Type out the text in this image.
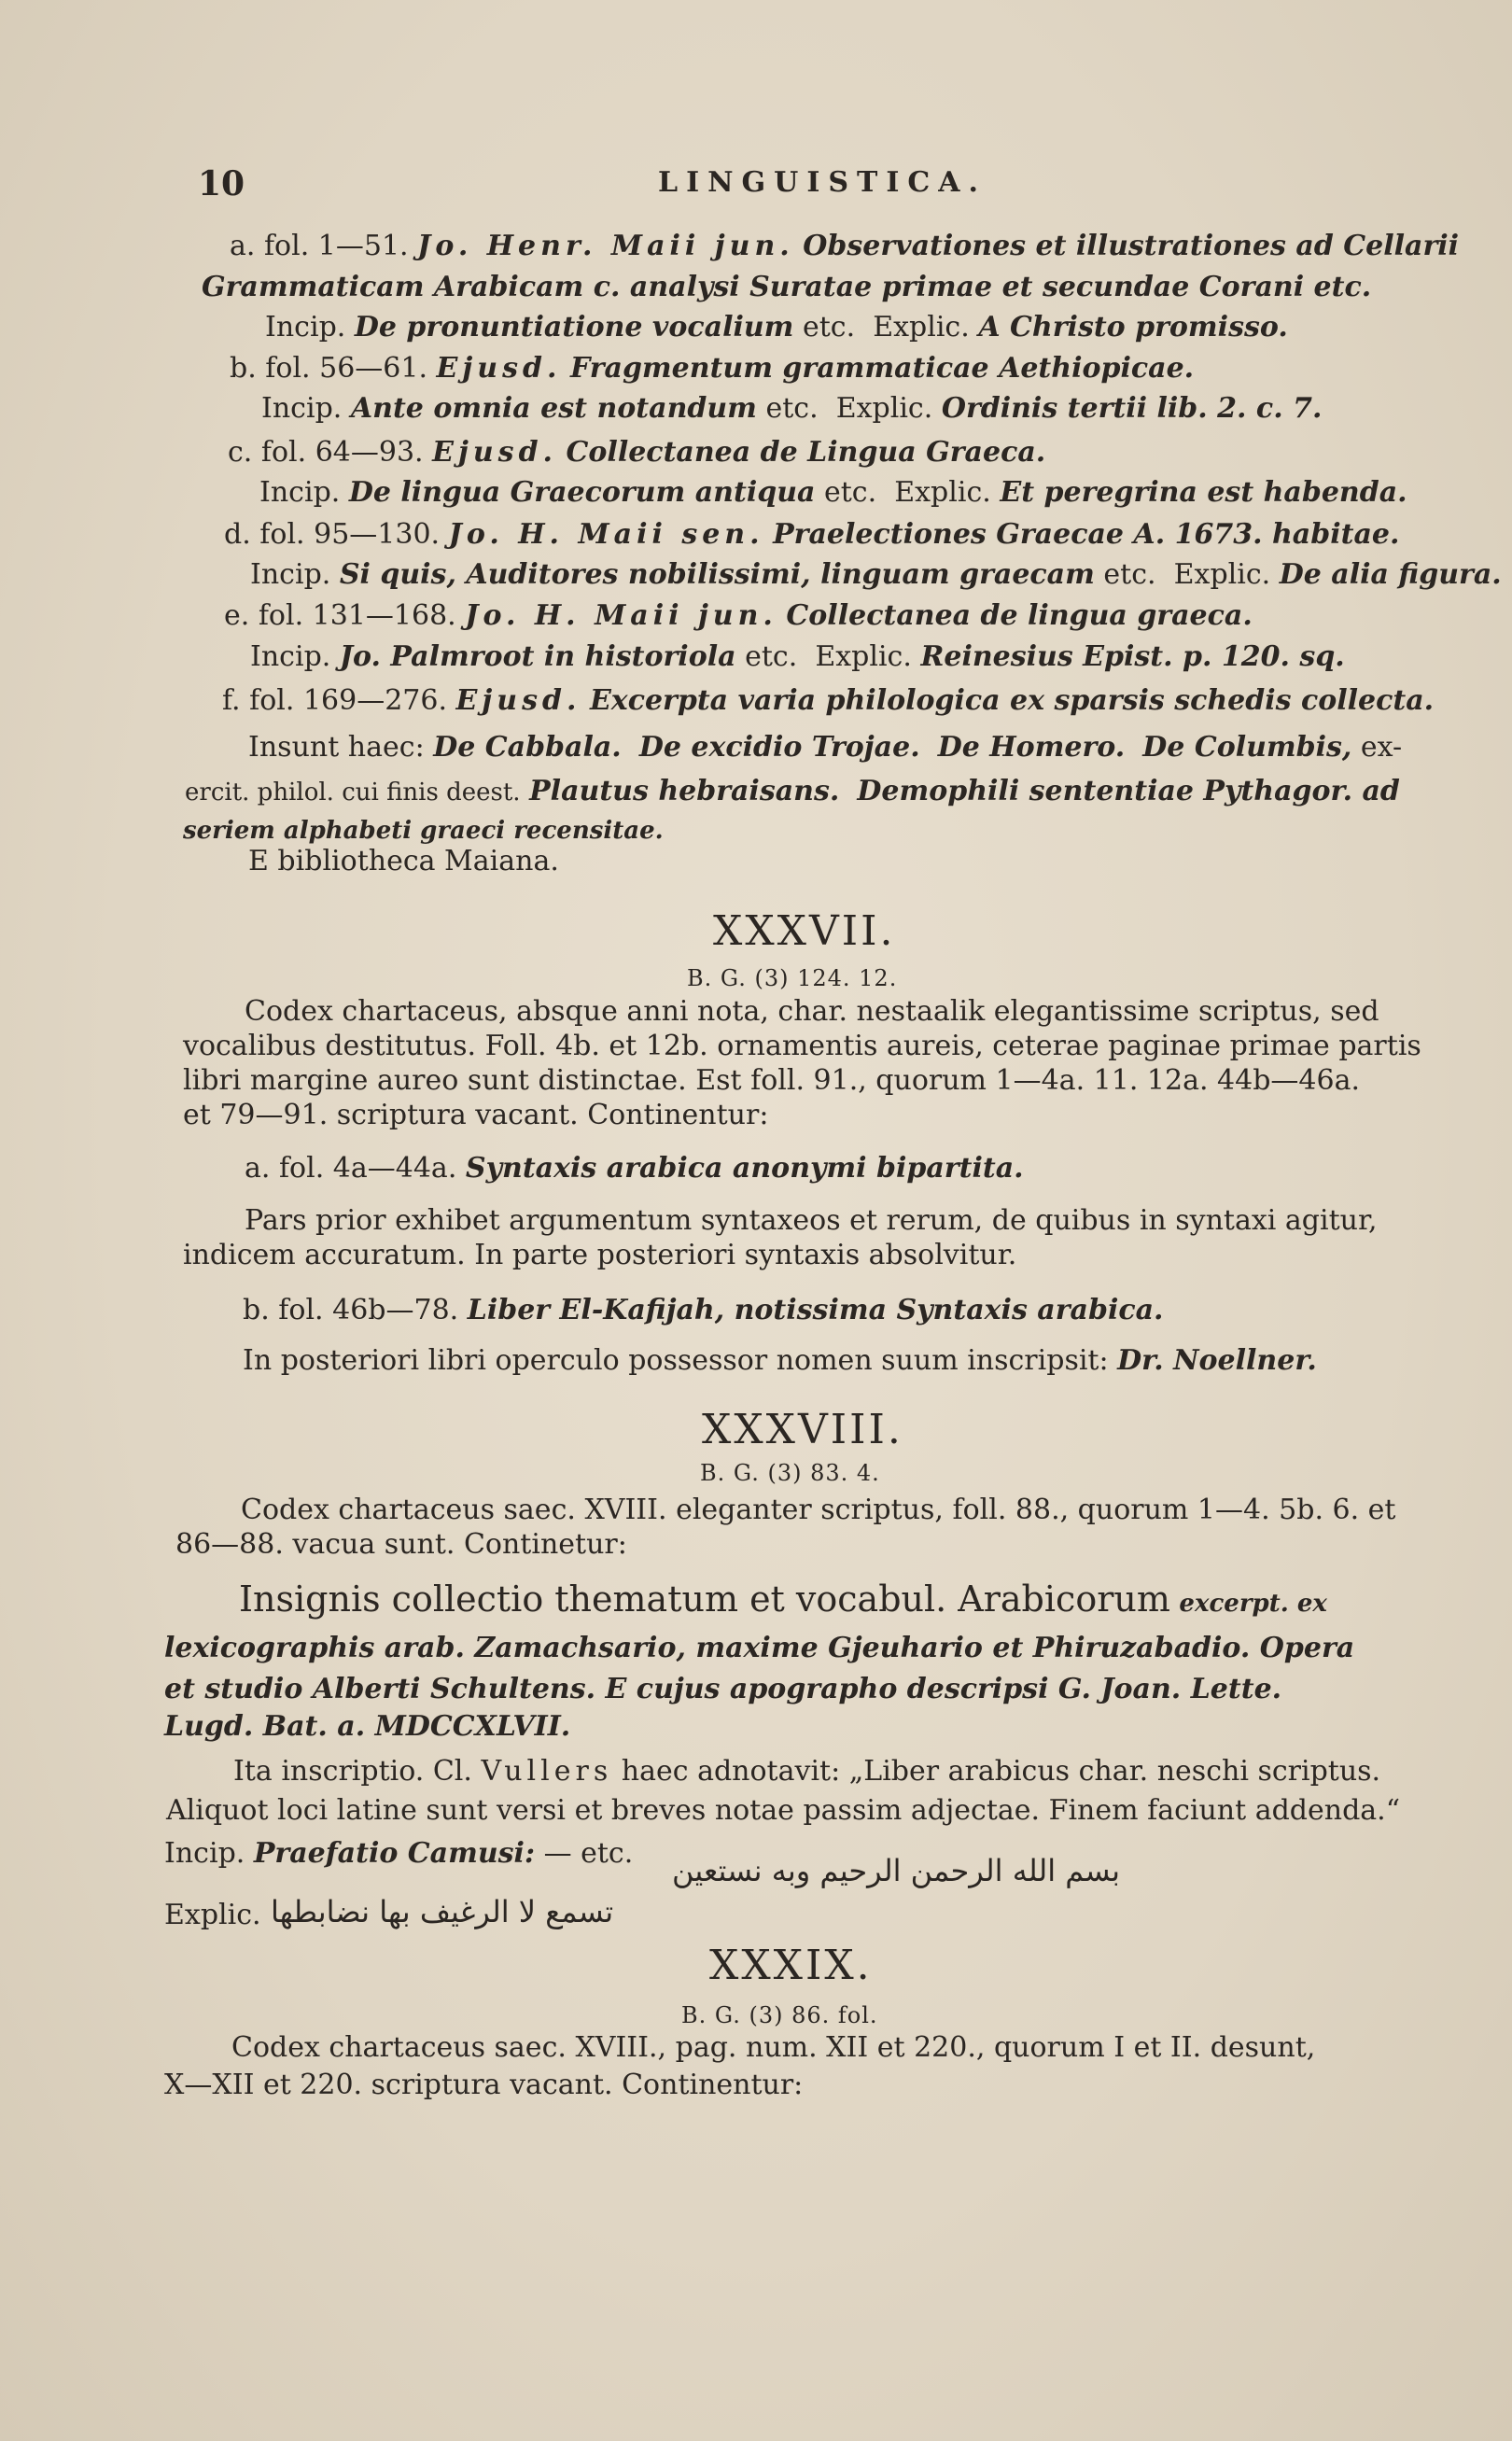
10	LINGUISTICA.
a. fol. 1—51. Jo. Henr. Maii jun. Observationes et illustrationes ad Cellarii
Grammaticam Arabicam c. analysi Suratae primae et secundae Corani etc.
Incip. De pronuntiatione vocalium etc. Explic. A Christo promisso.
b. fol. 56—61. Ejusd. Fragmentum grammaticae Aethiopicae.
Incip. Ante omnia est notandum etc. Explic. Ordinis tertii lib. 2. c. 7.
c. fol. 64—93. Ejusd. Collectanea de Lingua Graeca.
Incip. De lingua Graecorum antiqua etc. Explic. Et peregrina est habenda.
d. fol. 95—130. Jo. H. Maii sen. Praelectiones Graecae A. 1673. habitae.
Incip. Si quis, Auditores nobilissimi, linguam graecam etc. Explic. De alia figura.
e. fol. 131—168. Jo. H. Maii jun. Collectanea de lingua graeca.
Incip. Jo. Palmroot in historiola etc. Explic. Reinesius Epist. p. 120. sq.
f. fol. 169—276. Ejusd. Excerpta varia philologica ex sparsis schedis collecta.
Insunt haec: De Cabbala. De excidio Trojae. De Homero. De Columbis, ex-
ercit. philol. cui finis deest. Plautus hebraisans. Demophili sententiae Pythagor. ad
seriem alphabeti graeci recensitae.
E bibliotheca Maiana.
XXXVII.
B. G. (3) 124. 12.
Codex chartaceus, absque anni nota, char. nestaalik elegantissime scriptus, sed
vocalibus destitutus. Foll. 4b. et 12b. ornamentis aureis, ceterae paginae primae partis
libri margine aureo sunt distinctae. Est foll. 91., quorum 1—4a. 11. 12a. 44b—46a.
et 79—91. scriptura vacant. Continentur:
a. fol. 4a—44a. Syntaxis arabica anonymi bipartita.
Pars prior exhibet argumentum syntaxeos et rerum, de quibus in syntaxi agitur,
indicem accuratum. In parte posteriori syntaxis absolvitur.
b. fol. 46b—78. Liber El-Kafijah, notissima Syntaxis arabica.
In posteriori libri operculo possessor nomen suum inscripsit: Dr. Noellner.
XXXVIII.
B. G. (3) 83. 4.
Codex chartaceus saec. XVIII. eleganter scriptus, foll. 88., quorum 1—4. 5b. 6. et
86—88. vacua sunt. Continetur:
Insignis collectio thematum et vocabul. Arabicorum excerpt. ex
lexicographis arab. Zamachsario, maxime Gjeuhario et Phiruzabadio. Opera
et studio Alberti Schultens. E cujus apographo descripsi G. Joan. Lette.
Lugd. Bat. a. MDCCXLVII.
Ita inscriptio. Cl. Vullers haec adnotavit: „Liber arabicus char. neschi scriptus.
Aliquot loci latine sunt versi et breves notae passim adjectae. Finem faciunt addenda.“
Incip. Praefatio Camusi: — etc. بسم الله الرحمن الرحيم وبه نستعين
Explic. تسمع لا الرغيف بها نضابطها
XXXIX.
B. G. (3) 86. fol.
Codex chartaceus saec. XVIII., pag. num. XII et 220., quorum I et II. desunt,
X—XII et 220. scriptura vacant. Continentur:
